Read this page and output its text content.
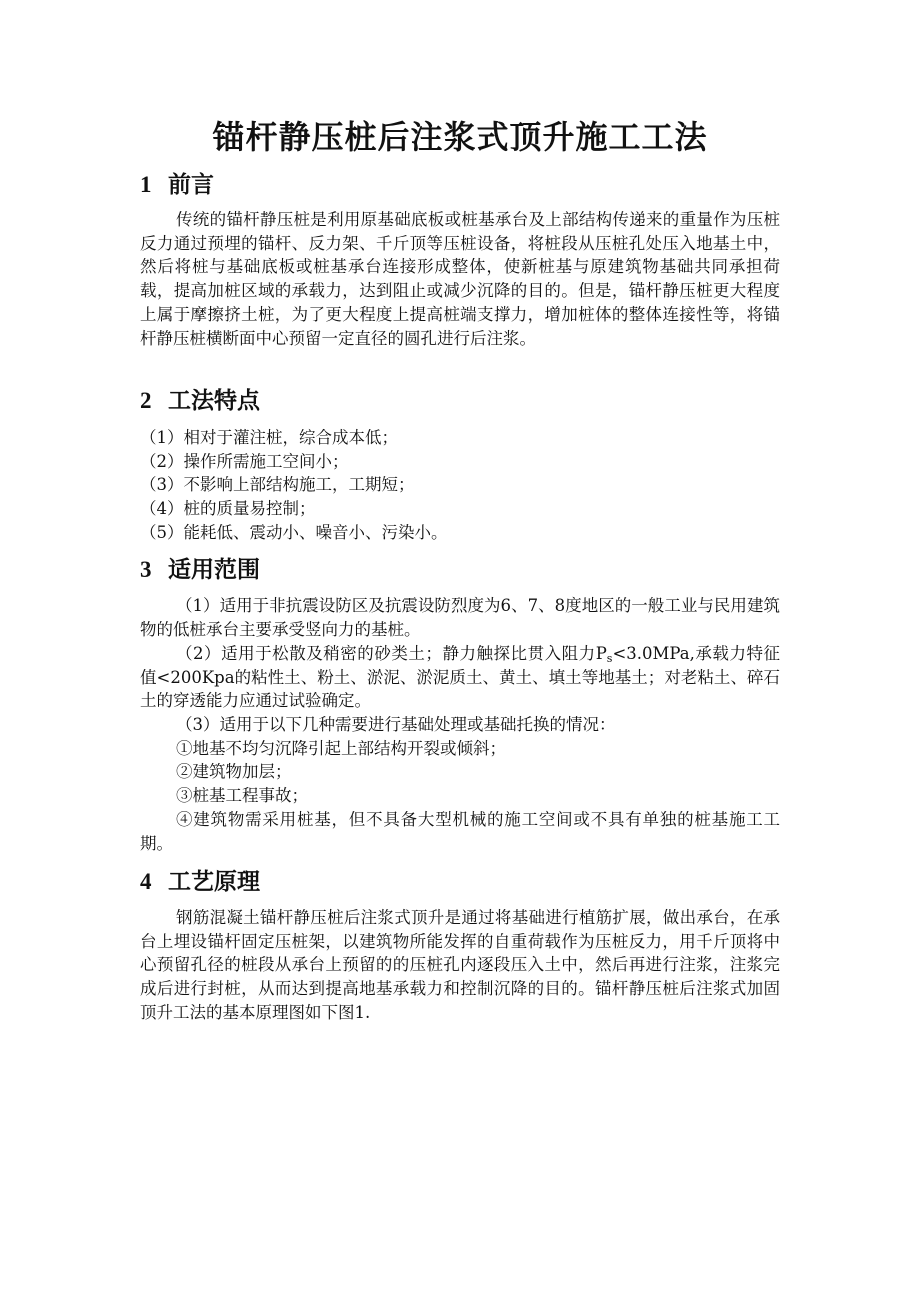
锚杆静压桩后注浆式顶升施工工法
1 前言
传统的锚杆静压桩是利用原基础底板或桩基承台及上部结构传递来的重量作为压桩反力通过预埋的锚杆、反力架、千斤顶等压桩设备，将桩段从压桩孔处压入地基土中，然后将桩与基础底板或桩基承台连接形成整体，使新桩基与原建筑物基础共同承担荷载，提高加桩区域的承载力，达到阻止或减少沉降的目的。但是，锚杆静压桩更大程度上属于摩擦挤土桩，为了更大程度上提高桩端支撑力，增加桩体的整体连接性等，将锚杆静压桩横断面中心预留一定直径的圆孔进行后注浆。
2 工法特点
（1）相对于灌注桩，综合成本低；
（2）操作所需施工空间小；
（3）不影响上部结构施工，工期短；
（4）桩的质量易控制；
（5）能耗低、震动小、噪音小、污染小。
3 适用范围
（1）适用于非抗震设防区及抗震设防烈度为6、7、8度地区的一般工业与民用建筑物的低桩承台主要承受竖向力的基桩。
（2）适用于松散及稍密的砂类土；静力触探比贯入阻力$P_s<3.0MPa$,承载力特征值<200Kpa的粘性土、粉土、淤泥、淤泥质土、黄土、填土等地基土；对老粘土、碎石土的穿透能力应通过试验确定。
（3）适用于以下几种需要进行基础处理或基础托换的情况：
①地基不均匀沉降引起上部结构开裂或倾斜；
②建筑物加层；
③桩基工程事故；
④建筑物需采用桩基，但不具备大型机械的施工空间或不具有单独的桩基施工工期。
4 工艺原理
钢筋混凝土锚杆静压桩后注浆式顶升是通过将基础进行植筋扩展，做出承台，在承台上埋设锚杆固定压桩架，以建筑物所能发挥的自重荷载作为压桩反力，用千斤顶将中心预留孔径的桩段从承台上预留的的压桩孔内逐段压入土中，然后再进行注浆，注浆完成后进行封桩，从而达到提高地基承载力和控制沉降的目的。锚杆静压桩后注浆式加固顶升工法的基本原理图如下图1.
